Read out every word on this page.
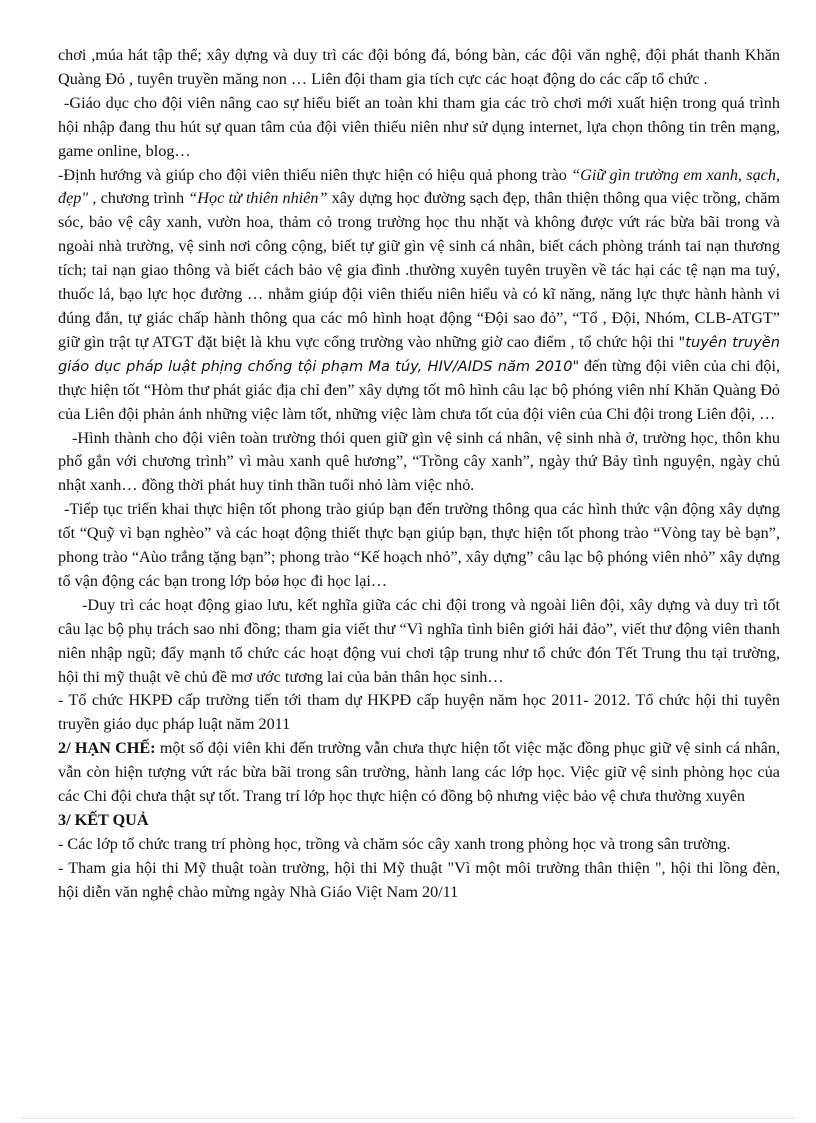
chơi ,múa hát tập thể; xây dựng và duy trì các đội bóng đá, bóng bàn, các đội văn nghệ, đội phát thanh Khăn Quàng Đỏ , tuyên truyền măng non … Liên đội tham gia tích cực các hoạt động do các cấp tổ chức .

-Giáo dục cho đội viên nâng cao sự hiểu biết an toàn khi tham gia các trò chơi mới xuất hiện trong quá trình hội nhập đang thu hút sự quan tâm của đội viên thiếu niên như sử dụng internet, lựa chọn thông tin trên mạng, game online, blog…

-Định hướng và giúp cho đội viên thiếu niên thực hiện có hiệu quả phong trào “Giữ gìn trường em xanh, sạch, đẹp" , chương trình “Học từ thiên nhiên” xây dựng học đường sạch đẹp, thân thiện thông qua việc trồng, chăm sóc, bảo vệ cây xanh, vườn hoa, thảm cỏ trong trường học thu nhặt và không được vứt rác bừa bãi trong và ngoài nhà trường, vệ sinh nơi công cộng, biết tự giữ gìn vệ sinh cá nhân, biết cách phòng tránh tai nạn thương tích; tai nạn giao thông và biết cách bảo vệ gia đình .thường xuyên tuyên truyền về tác hại các tệ nạn ma tuý, thuốc lá, bạo lực học đường … nhằm giúp đội viên thiếu niên hiểu và có kĩ năng, năng lực thực hành hành vi đúng đắn, tự giác chấp hành thông qua các mô hình hoạt động “Đội sao đỏ”, “Tổ , Đội, Nhóm, CLB-ATGT” giữ gìn trật tự ATGT đặt biệt là khu vực cổng trường vào những giờ cao điểm , tổ chức hội thi "tuyên truyền giáo dục pháp luật phịng chống tội phạm Ma túy, HIV/AIDS năm 2010" đến từng đội viên của chi đội, thực hiện tốt “Hòm thư phát giác địa chỉ đen” xây dựng tốt mô hình câu lạc bộ phóng viên nhí Khăn Quàng Đỏ của Liên đội phản ánh những việc làm tốt, những việc làm chưa tốt của đội viên của Chi đội trong Liên đội, …

-Hình thành cho đội viên toàn trường thói quen giữ gìn vệ sinh cá nhân, vệ sinh nhà ở, trường học, thôn khu phố gắn với chương trình” vì màu xanh quê hương”, “Trồng cây xanh”, ngày thứ Bảy tình nguyện, ngày chủ nhật xanh… đồng thời phát huy tinh thần tuổi nhỏ làm việc nhỏ.

-Tiếp tục triển khai thực hiện tốt phong trào giúp bạn đến trường thông qua các hình thức vận động xây dựng tốt “Quỹ vì bạn nghèo” và các hoạt động thiết thực bạn giúp bạn, thực hiện tốt phong trào “Vòng tay bè bạn”, phong trào “Aùo trắng tặng bạn”; phong trào “Kế hoạch nhỏ”, xây dựng” câu lạc bộ phóng viên nhỏ” xây dựng tổ vận động các bạn trong lớp bỏø học đi học lại…

-Duy trì các hoạt động giao lưu, kết nghĩa giữa các chi đội trong và ngoài liên đội, xây dựng và duy trì tốt câu lạc bộ phụ trách sao nhi đồng; tham gia viết thư “Vì nghĩa tình biên giới hải đảo”, viết thư động viên thanh niên nhập ngũ; đẩy mạnh tổ chức các hoạt động vui chơi tập trung như tổ chức đón Tết Trung thu tại trường, hội thi mỹ thuật vẽ chủ đề mơ ước tương lai của bản thân học sinh…

- Tổ chức HKPĐ cấp trường tiến tới tham dự HKPĐ cấp huyện năm học 2011- 2012. Tổ chức hội thi tuyên truyền giáo dục pháp luật năm 2011

2/ HẠN CHẾ: một số đội viên khi đến trường vẫn chưa thực hiện tốt việc mặc đồng phục giữ vệ sinh cá nhân, vẫn còn hiện tượng vứt rác bừa bãi trong sân trường, hành lang các lớp học. Việc giữ vệ sinh phòng học của các Chi đội chưa thật sự tốt. Trang trí lớp học thực hiện có đồng bộ nhưng việc bảo vệ chưa thường xuyên

3/ KẾT QUẢ

- Các lớp tổ chức trang trí phòng học, trồng và chăm sóc cây xanh trong phòng học và trong sân trường.

- Tham gia hội thi Mỹ thuật toàn trường, hội thi Mỹ thuật "Vì một môi trường thân thiện ", hội thi lồng đèn, hội diễn văn nghệ chào mừng ngày Nhà Giáo Việt Nam 20/11
